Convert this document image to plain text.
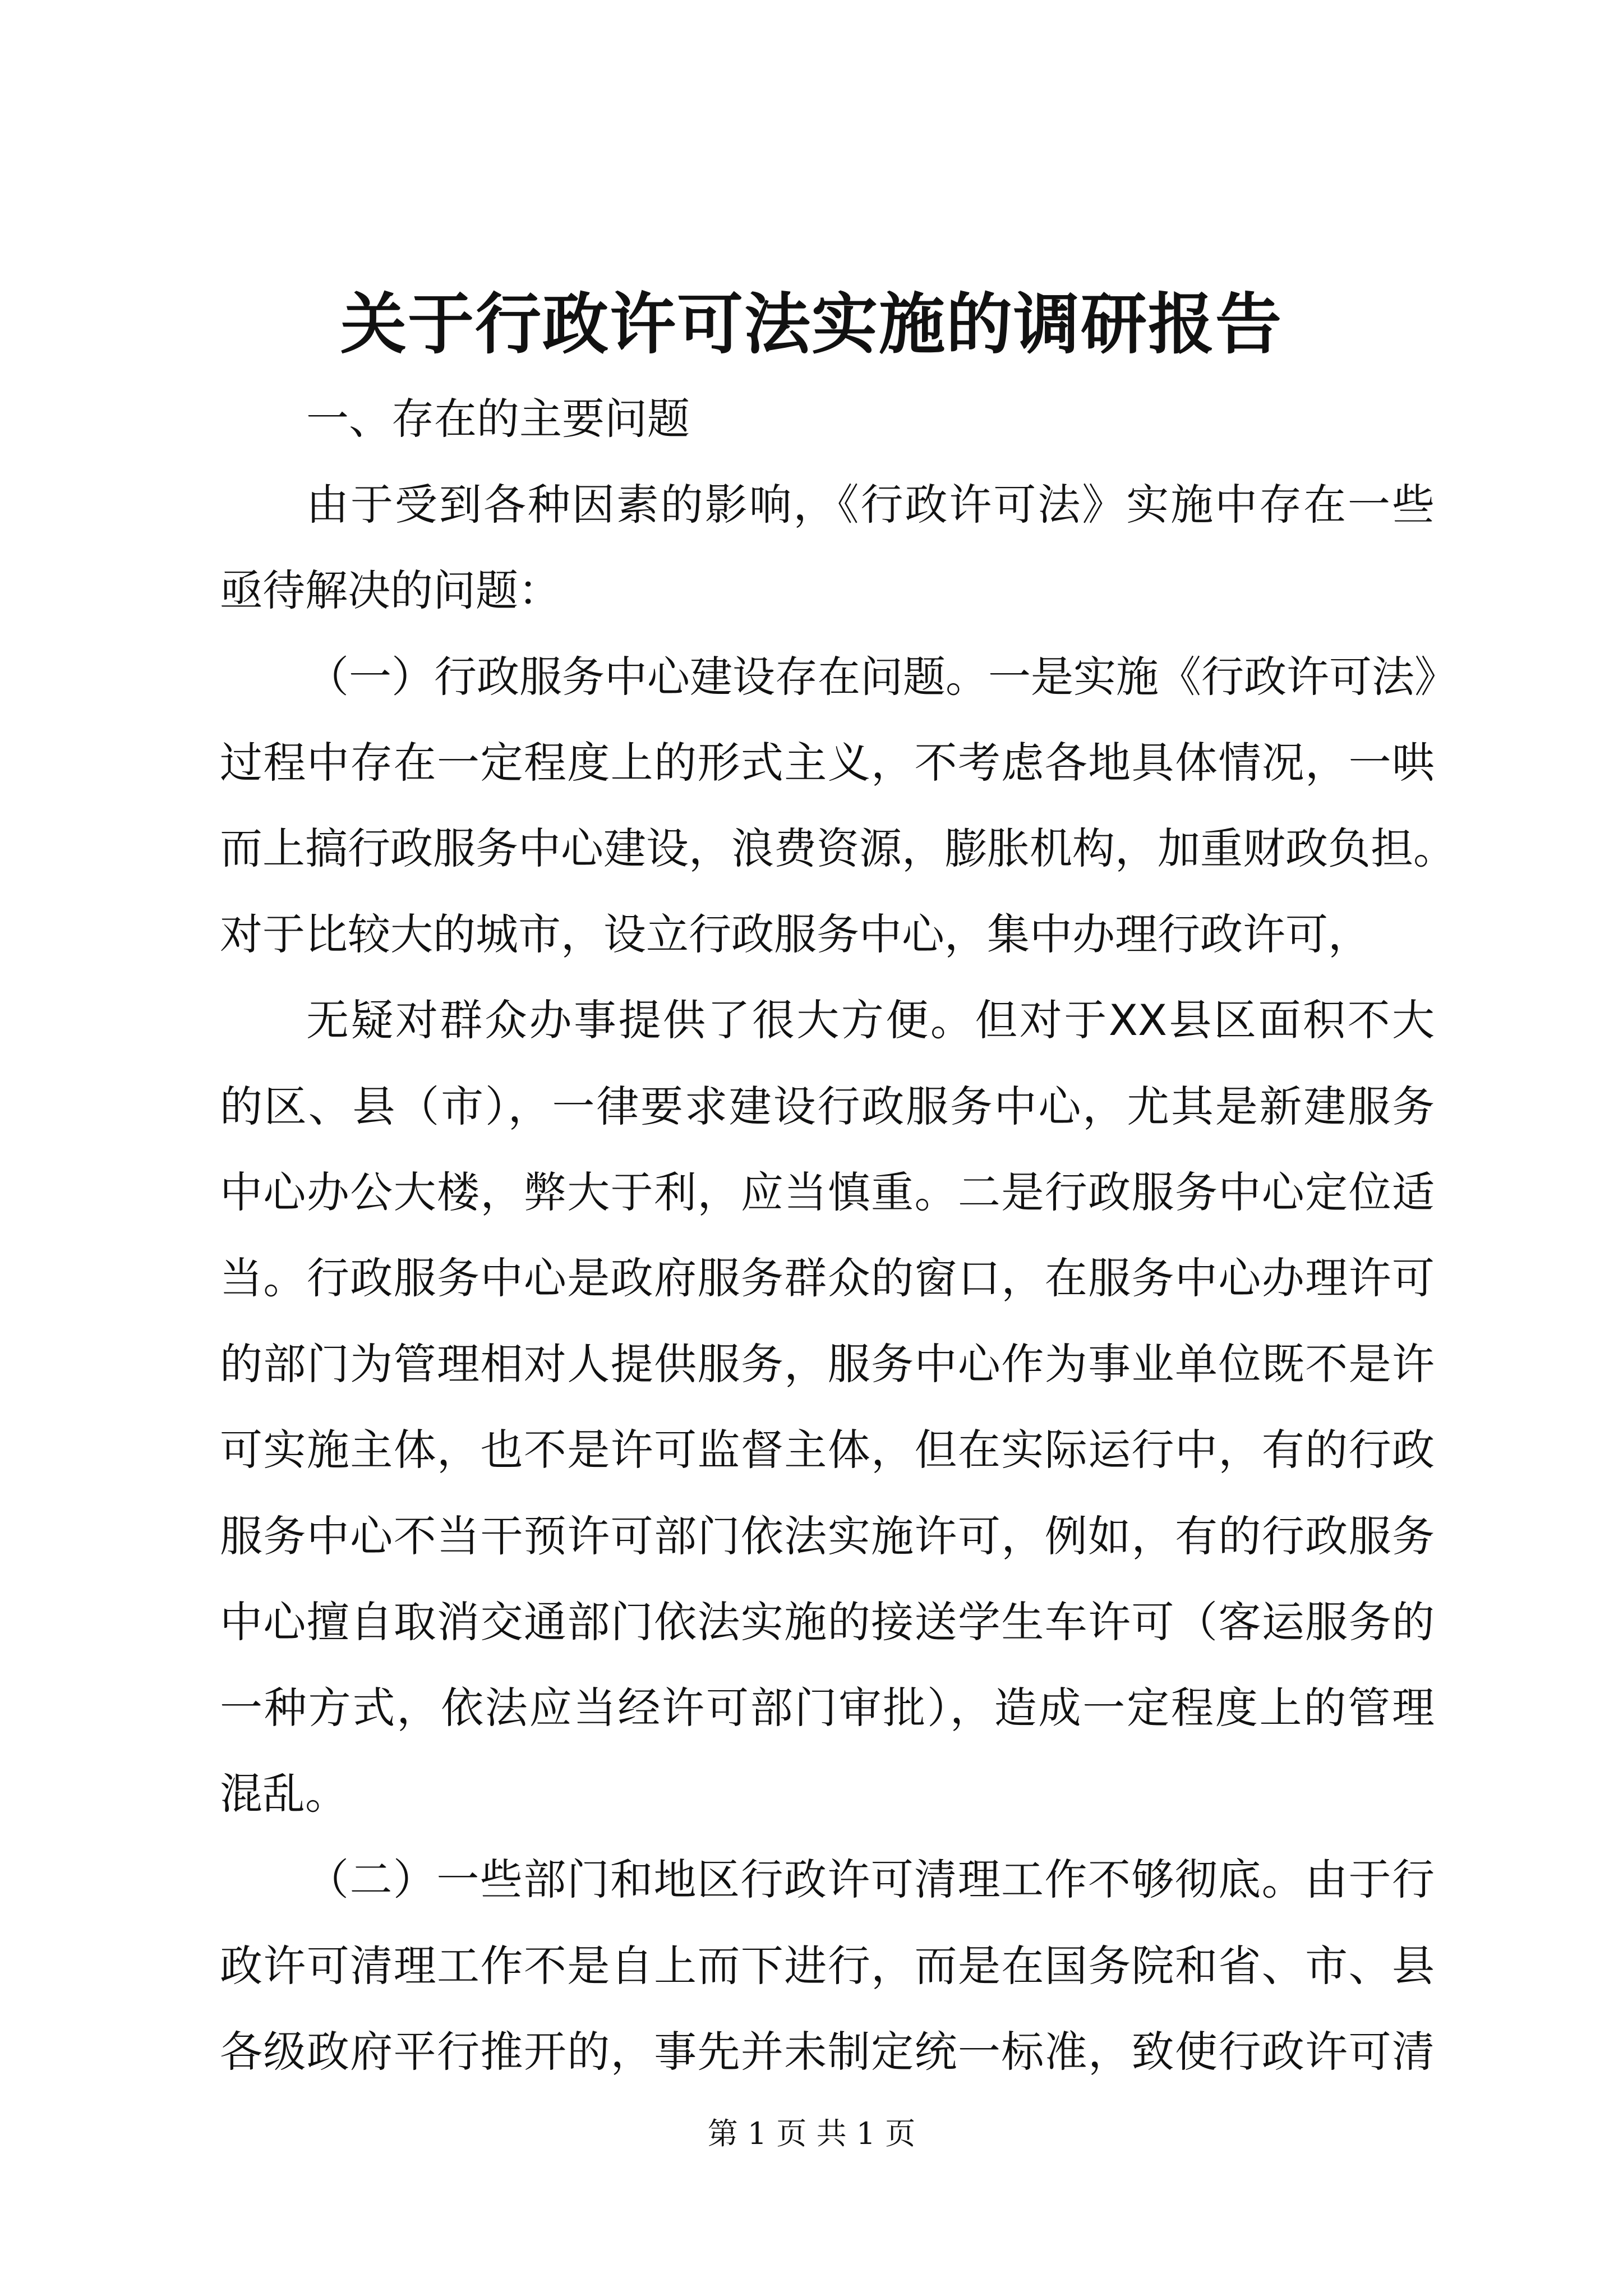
关于行政许可法实施的调研报告
一、存在的主要问题
由于受到各种因素的影响，《行政许可法》实施中存在一些
亟待解决的问题：
（一）行政服务中心建设存在问题。一是实施《行政许可法》
过程中存在一定程度上的形式主义，不考虑各地具体情况，一哄
而上搞行政服务中心建设，浪费资源，膨胀机构，加重财政负担。
对于比较大的城市，设立行政服务中心，集中办理行政许可，
无疑对群众办事提供了很大方便。但对于XX县区面积不大
的区、县（市），一律要求建设行政服务中心，尤其是新建服务
中心办公大楼，弊大于利，应当慎重。二是行政服务中心定位适
当。行政服务中心是政府服务群众的窗口，在服务中心办理许可
的部门为管理相对人提供服务，服务中心作为事业单位既不是许
可实施主体，也不是许可监督主体，但在实际运行中，有的行政
服务中心不当干预许可部门依法实施许可，例如，有的行政服务
中心擅自取消交通部门依法实施的接送学生车许可（客运服务的
一种方式，依法应当经许可部门审批），造成一定程度上的管理
混乱。
（二）一些部门和地区行政许可清理工作不够彻底。由于行
政许可清理工作不是自上而下进行，而是在国务院和省、市、县
各级政府平行推开的，事先并未制定统一标准，致使行政许可清
第 1 页 共 1 页
